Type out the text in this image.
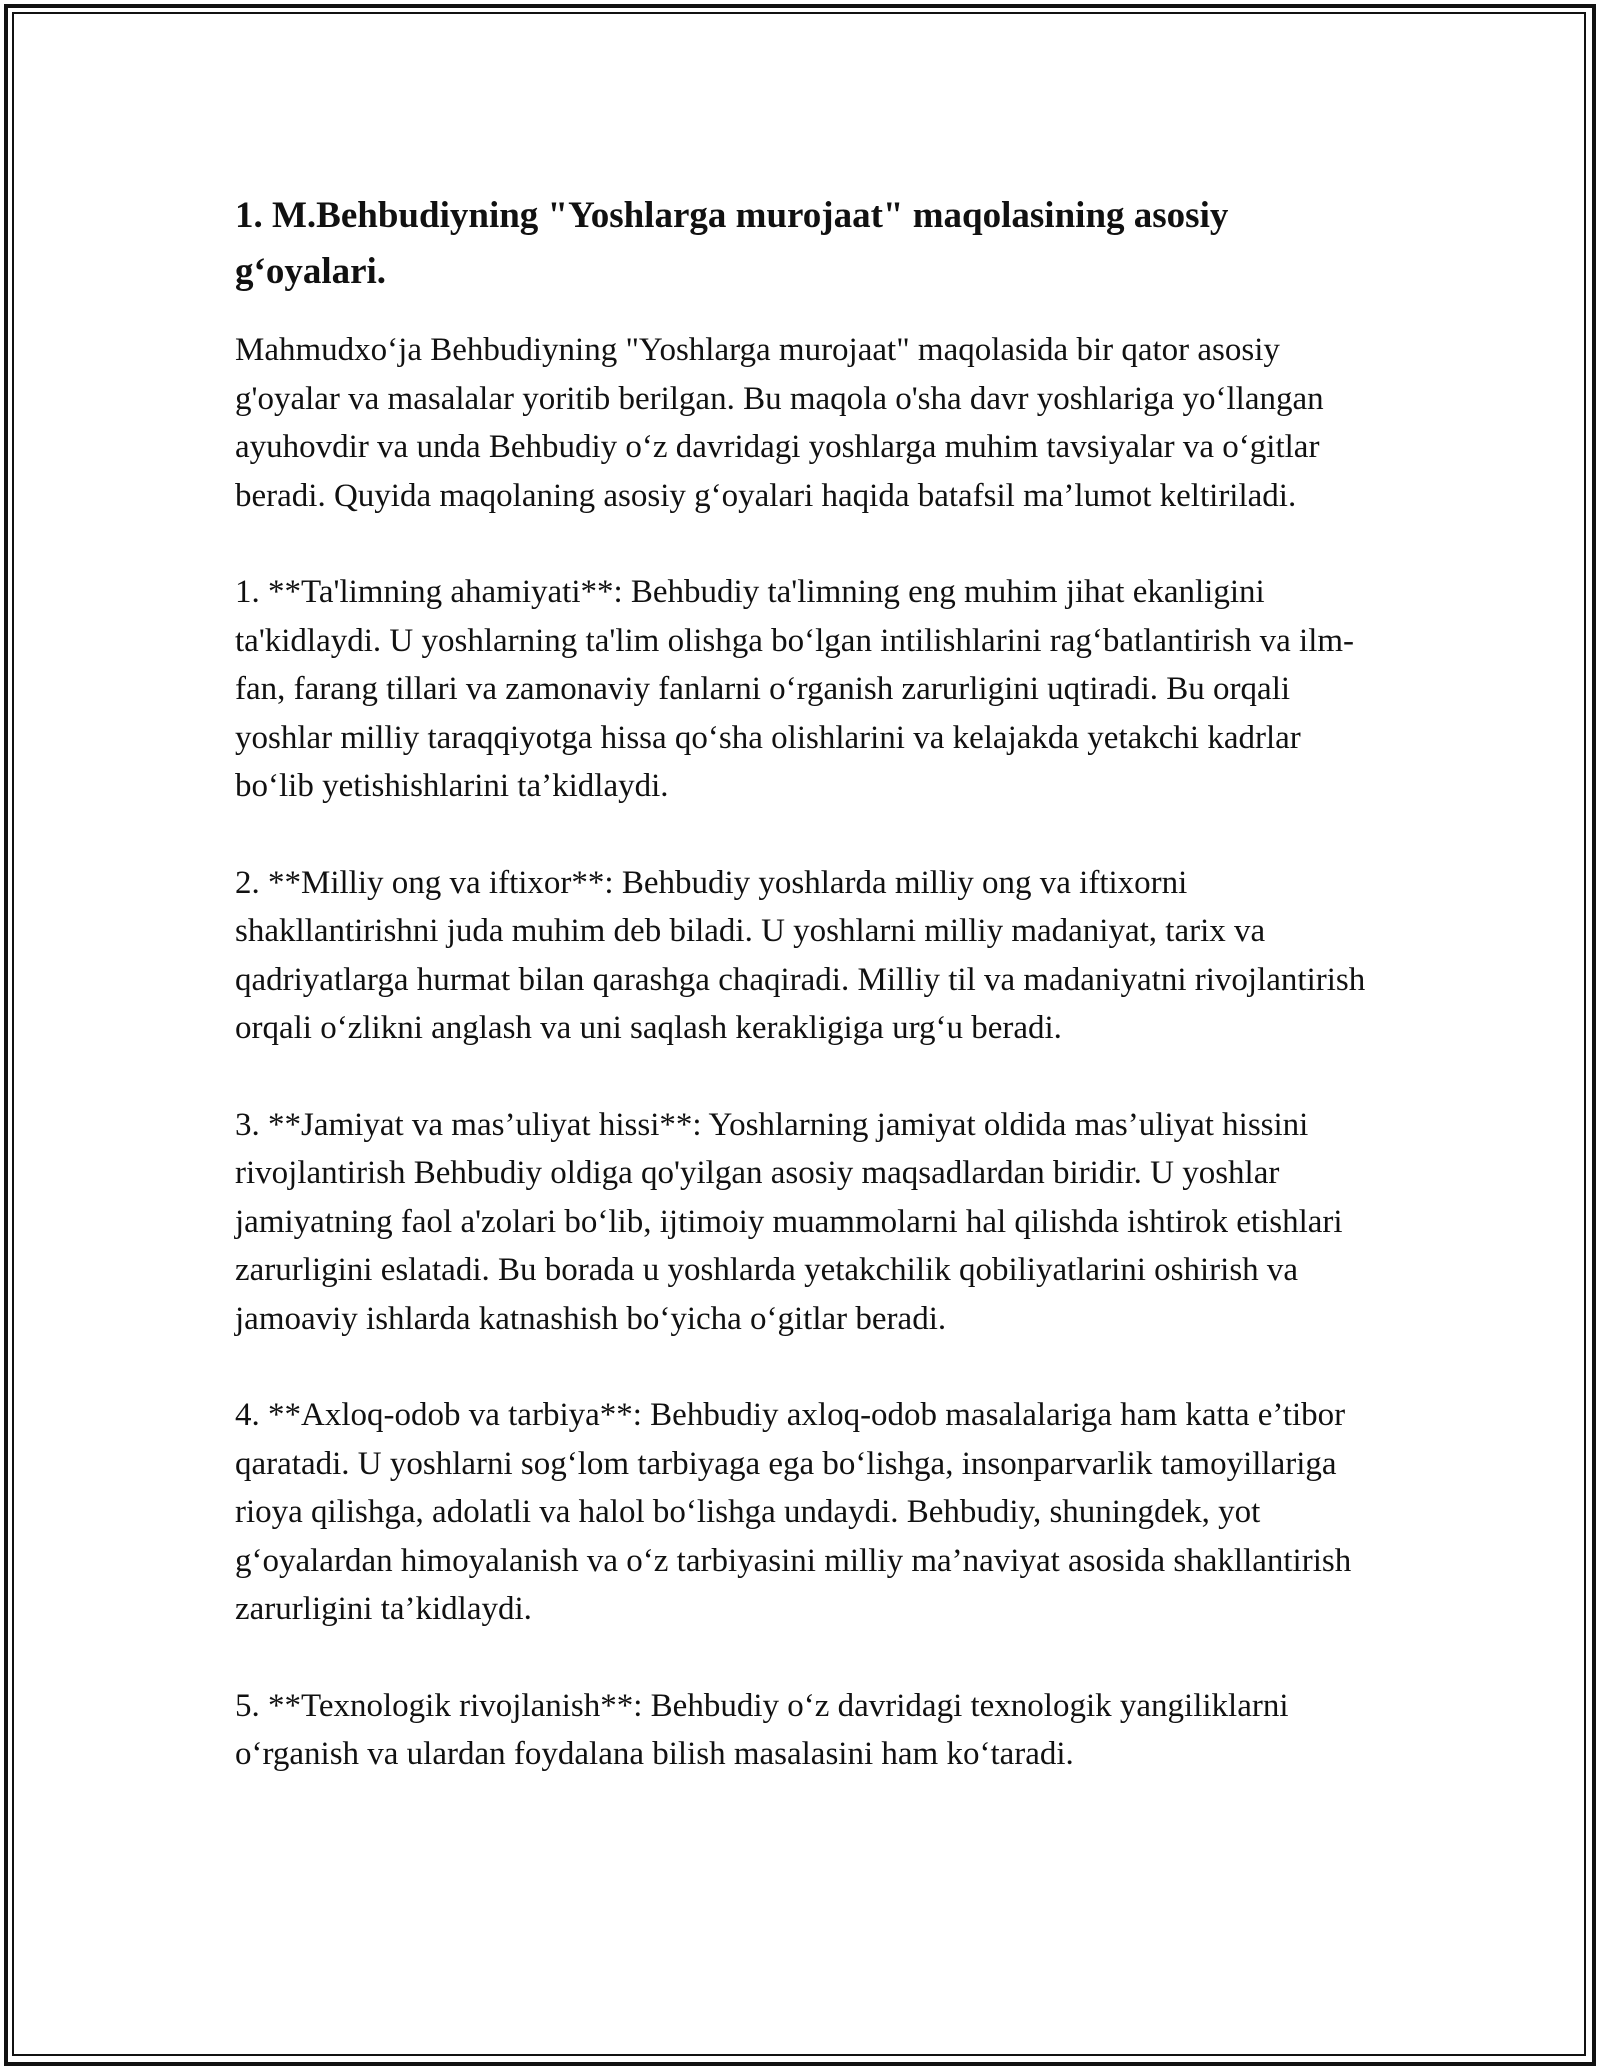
1. M.Behbudiyning "Yoshlarga murojaat" maqolasining asosiy g‘oyalari.

Mahmudxo‘ja Behbudiyning "Yoshlarga murojaat" maqolasida bir qator asosiy g'oyalar va masalalar yoritib berilgan. Bu maqola o'sha davr yoshlariga yo‘llangan ayuhovdir va unda Behbudiy o‘z davridagi yoshlarga muhim tavsiyalar va o‘gitlar beradi. Quyida maqolaning asosiy g‘oyalari haqida batafsil ma’lumot keltiriladi.

1. **Ta'limning ahamiyati**: Behbudiy ta'limning eng muhim jihat ekanligini ta'kidlaydi. U yoshlarning ta'lim olishga bo‘lgan intilishlarini rag‘batlantirish va ilm-fan, farang tillari va zamonaviy fanlarni o‘rganish zarurligini uqtiradi. Bu orqali yoshlar milliy taraqqiyotga hissa qo‘sha olishlarini va kelajakda yetakchi kadrlar bo‘lib yetishishlarini ta’kidlaydi.

2. **Milliy ong va iftixor**: Behbudiy yoshlarda milliy ong va iftixorni shakllantirishni juda muhim deb biladi. U yoshlarni milliy madaniyat, tarix va qadriyatlarga hurmat bilan qarashga chaqiradi. Milliy til va madaniyatni rivojlantirish orqali o‘zlikni anglash va uni saqlash kerakligiga urg‘u beradi.

3. **Jamiyat va mas’uliyat hissi**: Yoshlarning jamiyat oldida mas’uliyat hissini rivojlantirish Behbudiy oldiga qo'yilgan asosiy maqsadlardan biridir. U yoshlar jamiyatning faol a'zolari bo‘lib, ijtimoiy muammolarni hal qilishda ishtirok etishlari zarurligini eslatadi. Bu borada u yoshlarda yetakchilik qobiliyatlarini oshirish va jamoaviy ishlarda katnashish bo‘yicha o‘gitlar beradi.

4. **Axloq-odob va tarbiya**: Behbudiy axloq-odob masalalariga ham katta e’tibor qaratadi. U yoshlarni sog‘lom tarbiyaga ega bo‘lishga, insonparvarlik tamoyillariga rioya qilishga, adolatli va halol bo‘lishga undaydi. Behbudiy, shuningdek, yot g‘oyalardan himoyalanish va o‘z tarbiyasini milliy ma’naviyat asosida shakllantirish zarurligini ta’kidlaydi.

5. **Texnologik rivojlanish**: Behbudiy o‘z davridagi texnologik yangiliklarni o‘rganish va ulardan foydalana bilish masalasini ham ko‘taradi.
